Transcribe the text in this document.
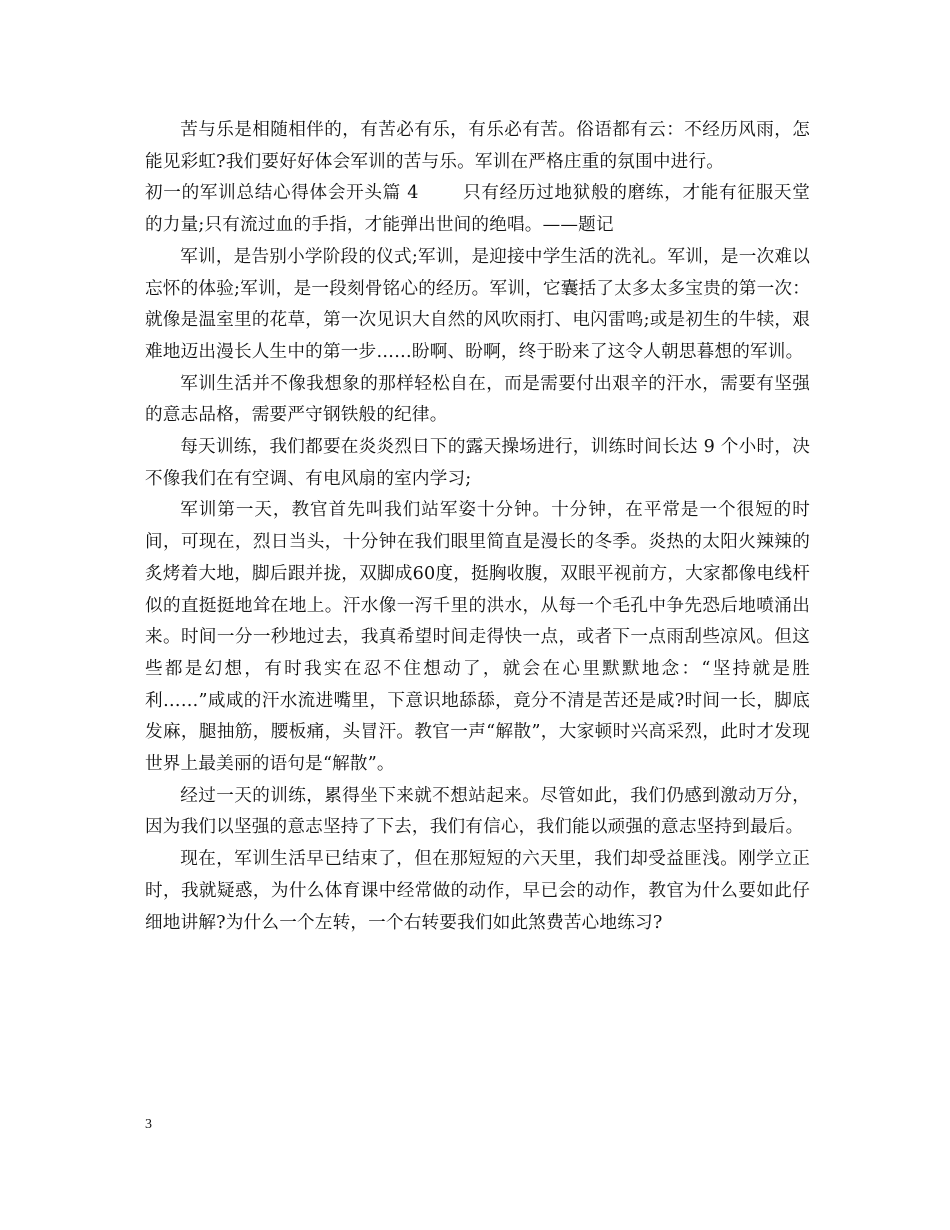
苦与乐是相随相伴的，有苦必有乐，有乐必有苦。俗语都有云：不经历风雨，怎能见彩虹?我们要好好体会军训的苦与乐。军训在严格庄重的氛围中进行。

初一的军训总结心得体会开头篇 4	只有经历过地狱般的磨练，才能有征服天堂的力量;只有流过血的手指，才能弹出世间的绝唱。——题记

军训，是告别小学阶段的仪式;军训，是迎接中学生活的洗礼。军训，是一次难以忘怀的体验;军训，是一段刻骨铭心的经历。军训，它囊括了太多太多宝贵的第一次：就像是温室里的花草，第一次见识大自然的风吹雨打、电闪雷鸣;或是初生的牛犊，艰难地迈出漫长人生中的第一步……盼啊、盼啊，终于盼来了这令人朝思暮想的军训。

军训生活并不像我想象的那样轻松自在，而是需要付出艰辛的汗水，需要有坚强的意志品格，需要严守钢铁般的纪律。

每天训练，我们都要在炎炎烈日下的露天操场进行，训练时间长达 9 个小时，决不像我们在有空调、有电风扇的室内学习;

军训第一天，教官首先叫我们站军姿十分钟。十分钟，在平常是一个很短的时间，可现在，烈日当头，十分钟在我们眼里简直是漫长的冬季。炎热的太阳火辣辣的炙烤着大地，脚后跟并拢，双脚成60度，挺胸收腹，双眼平视前方，大家都像电线杆似的直挺挺地耸在地上。汗水像一泻千里的洪水，从每一个毛孔中争先恐后地喷涌出来。时间一分一秒地过去，我真希望时间走得快一点，或者下一点雨刮些凉风。但这些都是幻想，有时我实在忍不住想动了，就会在心里默默地念：“坚持就是胜利……”咸咸的汗水流进嘴里，下意识地舔舔，竟分不清是苦还是咸?时间一长，脚底发麻，腿抽筋，腰板痛，头冒汗。教官一声“解散”，大家顿时兴高采烈，此时才发现世界上最美丽的语句是“解散”。

经过一天的训练，累得坐下来就不想站起来。尽管如此，我们仍感到激动万分，因为我们以坚强的意志坚持了下去，我们有信心，我们能以顽强的意志坚持到最后。

现在，军训生活早已结束了，但在那短短的六天里，我们却受益匪浅。刚学立正时，我就疑惑，为什么体育课中经常做的动作，早已会的动作，教官为什么要如此仔细地讲解?为什么一个左转，一个右转要我们如此煞费苦心地练习?

3
